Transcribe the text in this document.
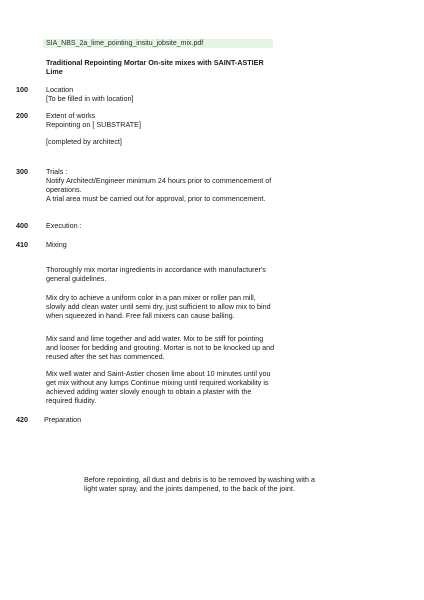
SIA_NBS_2a_lime_pointing_insitu_jobsite_mix.pdf
Traditional Repointing Mortar On-site mixes with SAINT-ASTIER
Lime
100	Location
[To be filled in with location]
200	Extent of works
Repointing on [ SUBSTRATE]
[completed by architect]
300	Trials :
Notify Architect/Engineer minimum 24 hours prior to commencement of
operations.
A trial area must be carried out for approval, prior to commencement.
400	Execution :
410	Mixing
Thoroughly mix mortar ingredients in accordance with manufacturer's
general guidelines.
Mix dry to achieve a uniform color in a pan mixer or roller pan mill,
slowly add clean water until semi dry, just sufficient to allow mix to bind
when squeezed in hand. Free fall mixers can cause balling.
Mix sand and lime together and add water. Mix to be stiff for pointing
and looser for bedding and grouting. Mortar is not to be knocked up and
reused after the set has commenced.
Mix well water and Saint-Astier chosen lime about 10 minutes until you
get mix without any lumps Continue mixing until required workability is
achieved adding water slowly enough to obtain a plaster with the
required fluidity.
420 Preparation
Before repointing, all dust and debris is to be removed by washing with a
light water spray, and the joints dampened, to the back of the joint.
